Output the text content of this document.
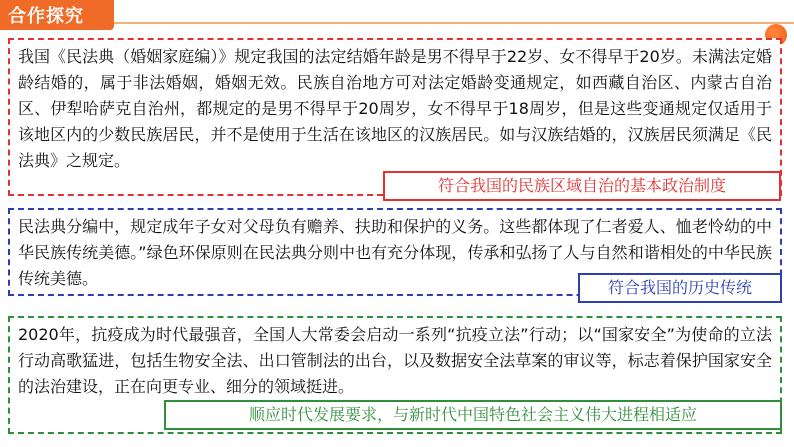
合作探究

我国《民法典（婚姻家庭编）》规定我国的法定结婚年龄是男不得早于22岁、女不得早于20岁。未满法定婚龄结婚的，属于非法婚姻，婚姻无效。民族自治地方可对法定婚龄变通规定，如西藏自治区、内蒙古自治区、伊犁哈萨克自治州，都规定的是男不得早于20周岁，女不得早于18周岁，但是这些变通规定仅适用于该地区内的少数民族居民，并不是使用于生活在该地区的汉族居民。如与汉族结婚的，汉族居民须满足《民法典》之规定。

符合我国的民族区域自治的基本政治制度

民法典分编中，规定成年子女对父母负有赡养、扶助和保护的义务。这些都体现了仁者爱人、恤老怜幼的中华民族传统美德。”绿色环保原则在民法典分则中也有充分体现，传承和弘扬了人与自然和谐相处的中华民族传统美德。	符合我国的历史传统

2020年，抗疫成为时代最强音，全国人大常委会启动一系列“抗疫立法”行动；以“国家安全”为使命的立法行动高歌猛进，包括生物安全法、出口管制法的出台，以及数据安全法草案的审议等，标志着保护国家安全的法治建设，正在向更专业、细分的领域挺进。

顺应时代发展要求，与新时代中国特色社会主义伟大进程相适应
